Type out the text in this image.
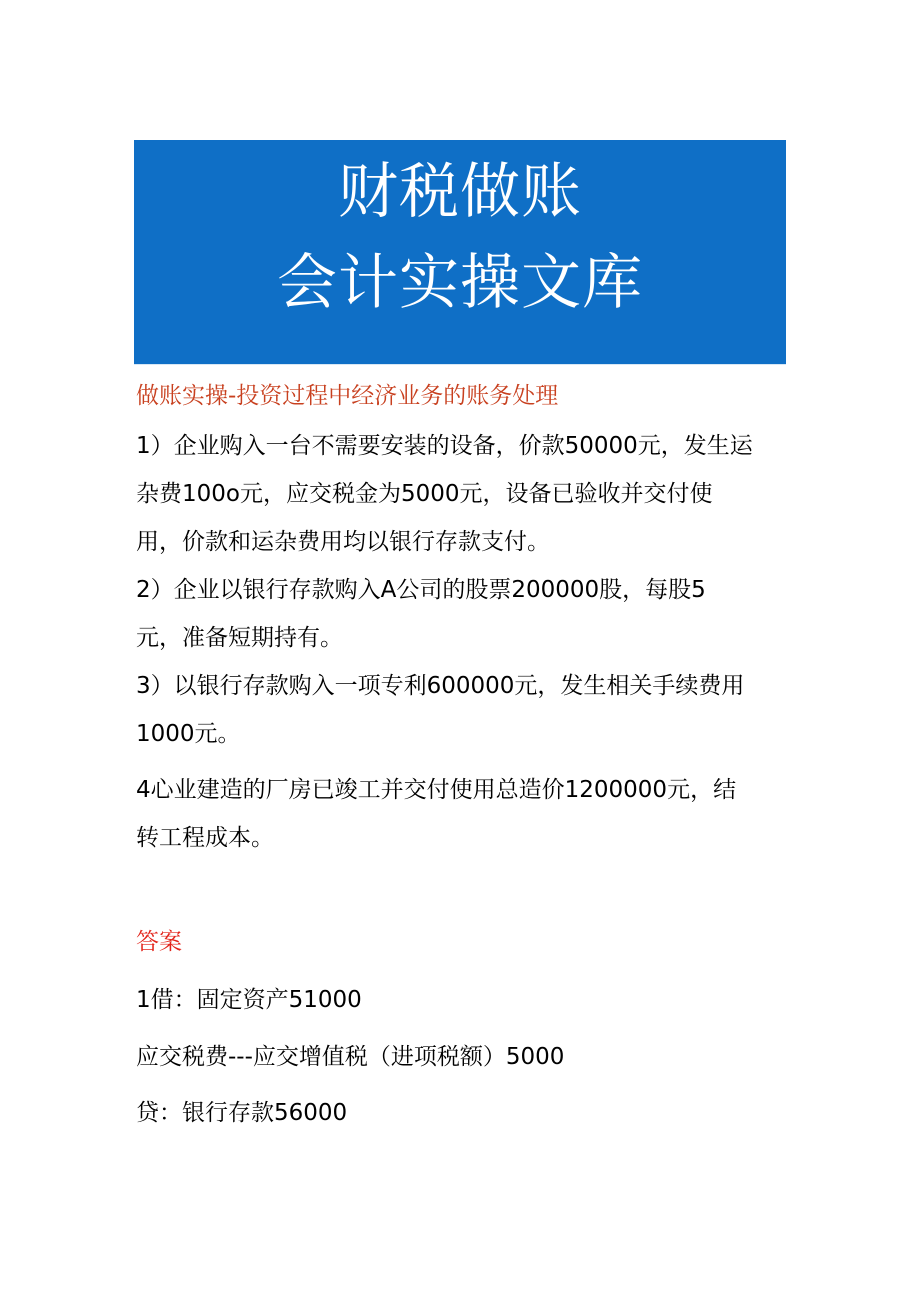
财税做账
会计实操文库
做账实操-投资过程中经济业务的账务处理
1）企业购入一台不需要安装的设备，价款50000元，发生运
杂费100o元，应交税金为5000元，设备已验收并交付使
用，价款和运杂费用均以银行存款支付。
2）企业以银行存款购入A公司的股票200000股，每股5
元，准备短期持有。
3）以银行存款购入一项专利600000元，发生相关手续费用
1000元。
4心业建造的厂房已竣工并交付使用总造价1200000元，结
转工程成本。
答案
1借：固定资产51000
应交税费---应交增值税（进项税额）5000
贷：银行存款56000
